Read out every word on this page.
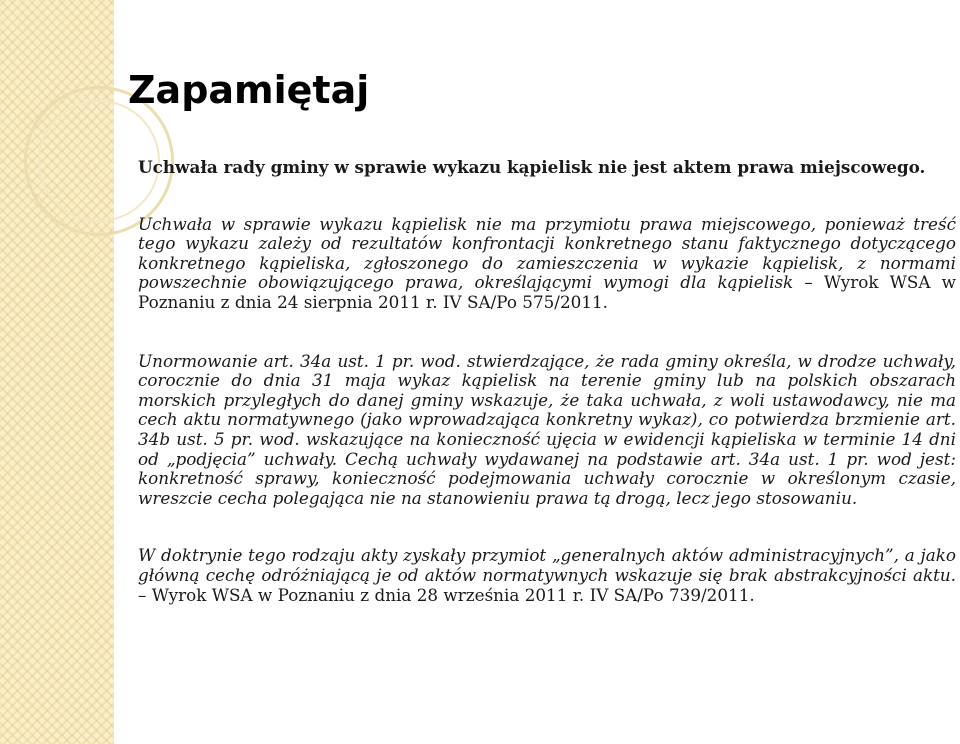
Zapamiętaj

Uchwała rady gminy w sprawie wykazu kąpielisk nie jest aktem prawa miejscowego.

Uchwała w sprawie wykazu kąpielisk nie ma przymiotu prawa miejscowego, ponieważ treść tego wykazu zależy od rezultatów konfrontacji konkretnego stanu faktycznego dotyczącego konkretnego kąpieliska, zgłoszonego do zamieszczenia w wykazie kąpielisk, z normami powszechnie obowiązującego prawa, określającymi wymogi dla kąpielisk – Wyrok WSA w Poznaniu z dnia 24 sierpnia 2011 r. IV SA/Po 575/2011.

Unormowanie art. 34a ust. 1 pr. wod. stwierdzające, że rada gminy określa, w drodze uchwały, corocznie do dnia 31 maja wykaz kąpielisk na terenie gminy lub na polskich obszarach morskich przyległych do danej gminy wskazuje, że taka uchwała, z woli ustawodawcy, nie ma cech aktu normatywnego (jako wprowadzająca konkretny wykaz), co potwierdza brzmienie art. 34b ust. 5 pr. wod. wskazujące na konieczność ujęcia w ewidencji kąpieliska w terminie 14 dni od „podjęcia” uchwały. Cechą uchwały wydawanej na podstawie art. 34a ust. 1 pr. wod jest: konkretność sprawy, konieczność podejmowania uchwały corocznie w określonym czasie, wreszcie cecha polegająca nie na stanowieniu prawa tą drogą, lecz jego stosowaniu.

W doktrynie tego rodzaju akty zyskały przymiot „generalnych aktów administracyjnych”, a jako główną cechę odróżniającą je od aktów normatywnych wskazuje się brak abstrakcyjności aktu. – Wyrok WSA w Poznaniu z dnia 28 września 2011 r. IV SA/Po 739/2011.
